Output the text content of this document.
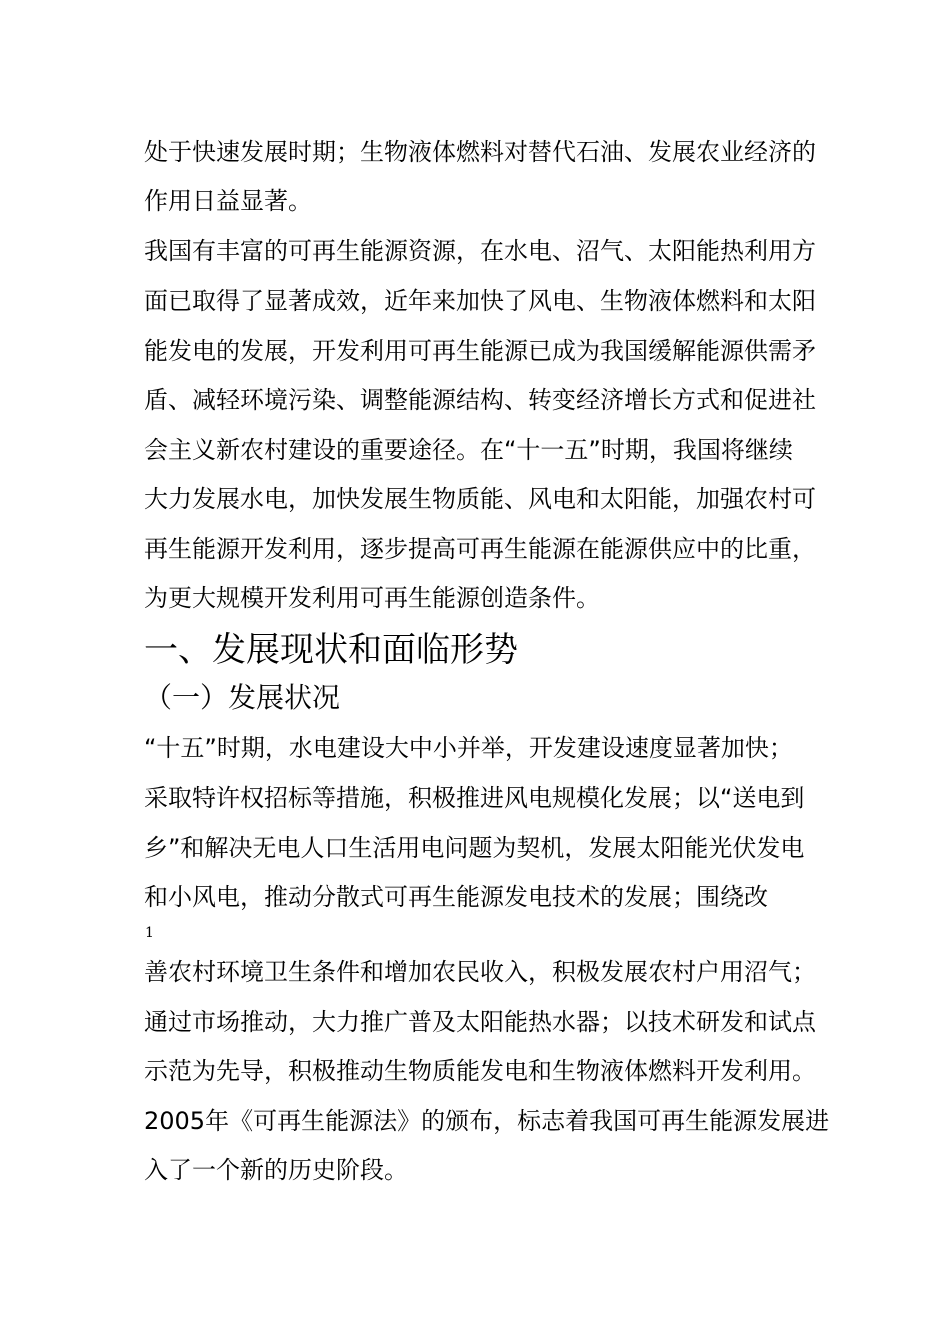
处于快速发展时期；生物液体燃料对替代石油、发展农业经济的
作用日益显著。
我国有丰富的可再生能源资源，在水电、沼气、太阳能热利用方
面已取得了显著成效，近年来加快了风电、生物液体燃料和太阳
能发电的发展，开发利用可再生能源已成为我国缓解能源供需矛
盾、减轻环境污染、调整能源结构、转变经济增长方式和促进社
会主义新农村建设的重要途径。在“十一五”时期，我国将继续
大力发展水电，加快发展生物质能、风电和太阳能，加强农村可
再生能源开发利用，逐步提高可再生能源在能源供应中的比重，
为更大规模开发利用可再生能源创造条件。
一、发展现状和面临形势
（一）发展状况
“十五”时期，水电建设大中小并举，开发建设速度显著加快；
采取特许权招标等措施，积极推进风电规模化发展；以“送电到
乡”和解决无电人口生活用电问题为契机，发展太阳能光伏发电
和小风电，推动分散式可再生能源发电技术的发展；围绕改
1
善农村环境卫生条件和增加农民收入，积极发展农村户用沼气；
通过市场推动，大力推广普及太阳能热水器；以技术研发和试点
示范为先导，积极推动生物质能发电和生物液体燃料开发利用。
2005年《可再生能源法》的颁布，标志着我国可再生能源发展进
入了一个新的历史阶段。
